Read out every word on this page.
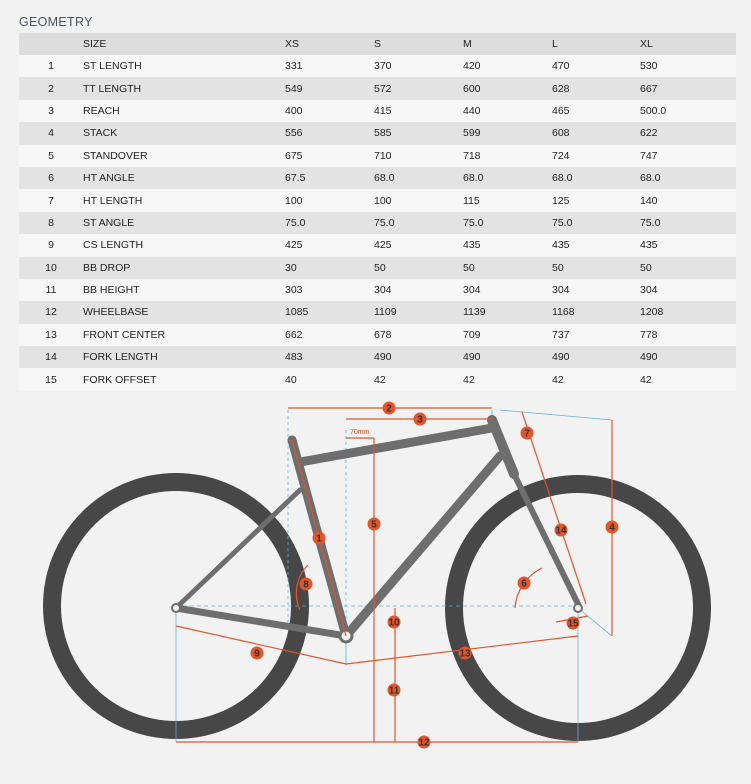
GEOMETRY
	SIZE	XS	S	M	L	XL
1	ST LENGTH	331	370	420	470	530
2	TT LENGTH	549	572	600	628	667
3	REACH	400	415	440	465	500.0
4	STACK	556	585	599	608	622
5	STANDOVER	675	710	718	724	747
6	HT ANGLE	67.5	68.0	68.0	68.0	68.0
7	HT LENGTH	100	100	115	125	140
8	ST ANGLE	75.0	75.0	75.0	75.0	75.0
9	CS LENGTH	425	425	435	435	435
10	BB DROP	30	50	50	50	50
11	BB HEIGHT	303	304	304	304	304
12	WHEELBASE	1085	1109	1139	1168	1208
13	FRONT CENTER	662	678	709	737	778
14	FORK LENGTH	483	490	490	490	490
15	FORK OFFSET	40	42	42	42	42
70mm
1
2
3
4
5
6
7
8
9
10
11
12
13
14
15
